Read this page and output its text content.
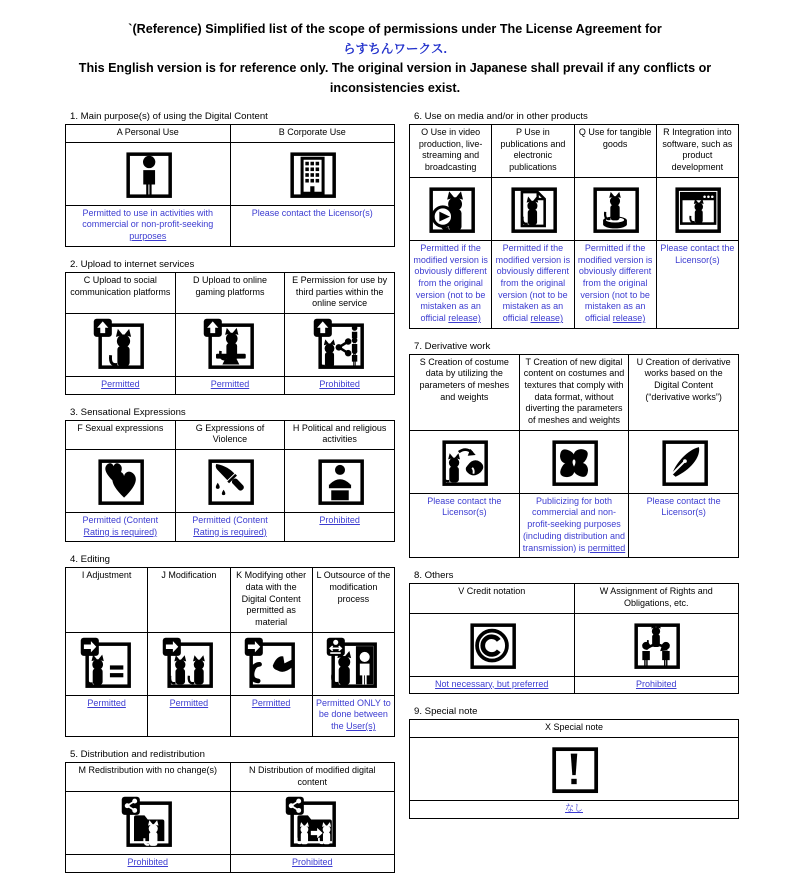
`(Reference) Simplified list of the scope of permissions under The License Agreement for
らすちんワークス.
This English version is for reference only. The original version in Japanese shall prevail if any conflicts or inconsistencies exist.
1. Main purpose(s) of using the Digital Content
A Personal Use	B Corporate Use

Permitted to use in activities with commercial or non-profit-seeking purposes	Please contact the Licensor(s)
2. Upload to internet services
C Upload to social communication platforms	D Upload to online gaming platforms	E Permission for use by third parties within the online service

Permitted	Permitted	Prohibited
3. Sensational Expressions
F Sexual expressions	G Expressions of Violence	H Political and religious activities

Permitted (Content Rating is required)	Permitted (Content Rating is required)	Prohibited
4. Editing
I Adjustment	J Modification	K Modifying other data with the Digital Content permitted as material	L Outsource of the modification process

Permitted	Permitted	Permitted	Permitted ONLY to be done between the User(s)
5. Distribution and redistribution
M Redistribution with no change(s)	N Distribution of modified digital content

Prohibited	Prohibited
6. Use on media and/or in other products
O Use in video production, live-streaming and broadcasting	P Use in publications and electronic publications	Q Use for tangible goods	R Integration into software, such as product development

Permitted if the modified version is obviously different from the original version (not to be mistaken as an official release)	Permitted if the modified version is obviously different from the original version (not to be mistaken as an official release)	Permitted if the modified version is obviously different from the original version (not to be mistaken as an official release)	Please contact the Licensor(s)
7. Derivative work
S Creation of costume data by utilizing the parameters of meshes and weights	T Creation of new digital content on costumes and textures that comply with data format, without diverting the parameters of meshes and weights	U Creation of derivative works based on the Digital Content (“derivative works”)

Please contact the Licensor(s)	Publicizing for both commercial and non-profit-seeking purposes (including distribution and transmission) is permitted	Please contact the Licensor(s)
8. Others
V Credit notation	W Assignment of Rights and Obligations, etc.

Not necessary, but preferred	Prohibited
9. Special note
X Special note

なし
